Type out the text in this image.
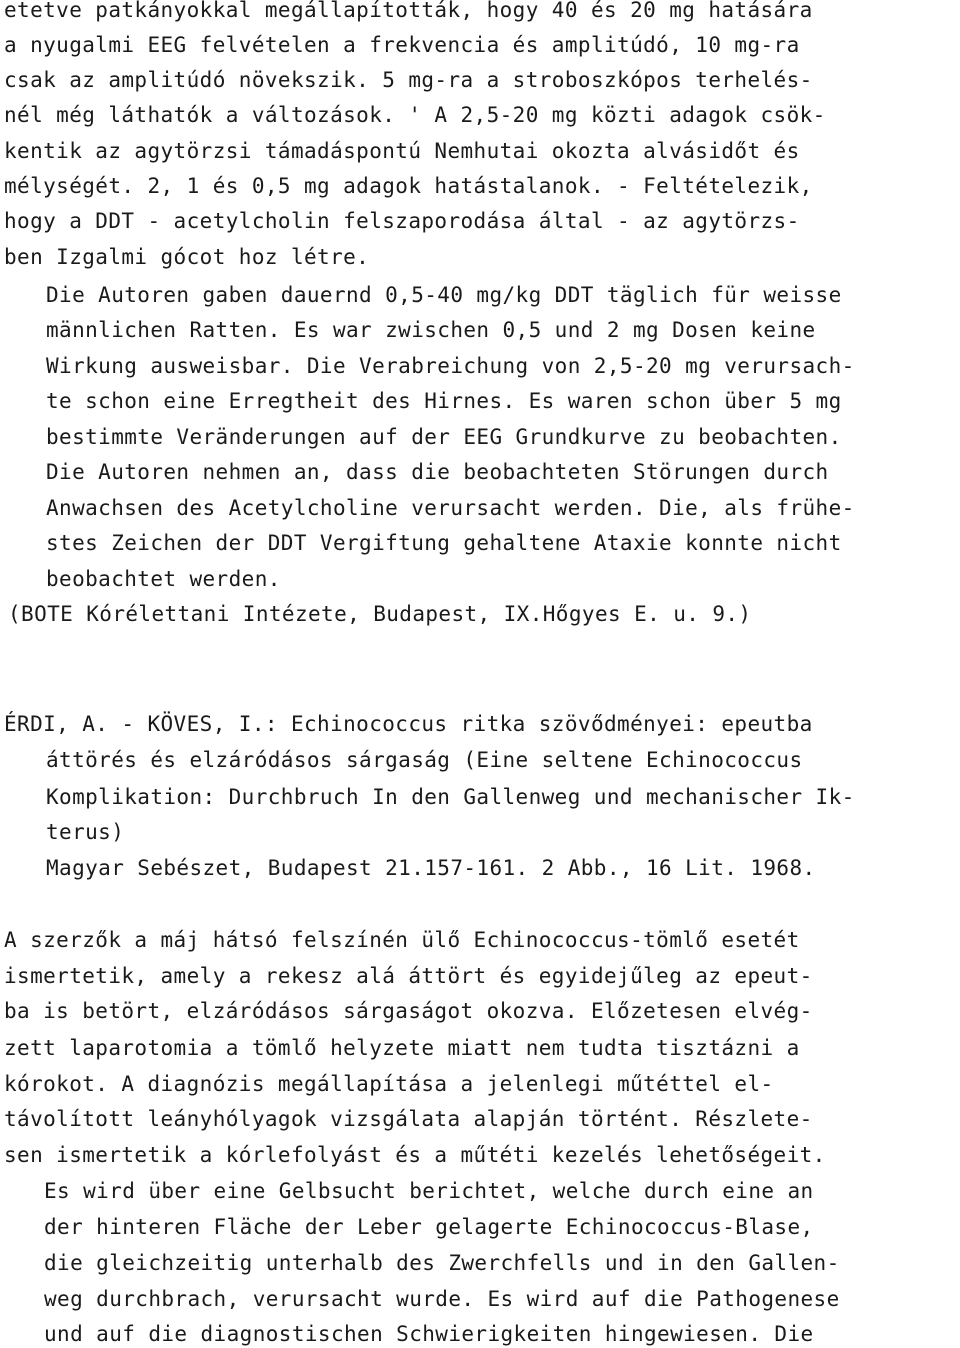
etetve patkányokkal megállapították, hogy 40 és 20 mg hatására
a nyugalmi EEG felvételen a frekvencia és amplitúdó, 10 mg-ra
csak az amplitúdó növekszik. 5 mg-ra a stroboszkópos terhelés-
nél még láthatók a változások. ' A 2,5-20 mg közti adagok csök-
kentik az agytörzsi támadáspontú Nemhutai okozta alvásidőt és
mélységét. 2, 1 és 0,5 mg adagok hatástalanok. - Feltételezik,
hogy a DDT - acetylcholin felszaporodása által - az agytörzs-
ben Izgalmi gócot hoz létre.
Die Autoren gaben dauernd 0,5-40 mg/kg DDT täglich für weisse
männlichen Ratten. Es war zwischen 0,5 und 2 mg Dosen keine
Wirkung ausweisbar. Die Verabreichung von 2,5-20 mg verursach-
te schon eine Erregtheit des Hirnes. Es waren schon über 5 mg
bestimmte Veränderungen auf der EEG Grundkurve zu beobachten.
Die Autoren nehmen an, dass die beobachteten Störungen durch
Anwachsen des Acetylcholine verursacht werden. Die, als frühe-
stes Zeichen der DDT Vergiftung gehaltene Ataxie konnte nicht
beobachtet werden.
(BOTE Kórélettani Intézete, Budapest, IX.Hőgyes E. u. 9.)
ÉRDI, A. - KÖVES, I.: Echinococcus ritka szövődményei: epeutba
áttörés és elzáródásos sárgaság (Eine seltene Echinococcus
Komplikation: Durchbruch In den Gallenweg und mechanischer Ik-
terus)
Magyar Sebészet, Budapest 21.157-161. 2 Abb., 16 Lit. 1968.
A szerzők a máj hátsó felszínén ülő Echinococcus-tömlő esetét
ismertetik, amely a rekesz alá áttört és egyidejűleg az epeut-
ba is betört, elzáródásos sárgaságot okozva. Előzetesen elvég-
zett laparotomia a tömlő helyzete miatt nem tudta tisztázni a
kórokot. A diagnózis megállapítása a jelenlegi műtéttel el-
távolított leányhólyagok vizsgálata alapján történt. Részlete-
sen ismertetik a kórlefolyást és a műtéti kezelés lehetőségeit.
Es wird über eine Gelbsucht berichtet, welche durch eine an
der hinteren Fläche der Leber gelagerte Echinococcus-Blase,
die gleichzeitig unterhalb des Zwerchfells und in den Gallen-
weg durchbrach, verursacht wurde. Es wird auf die Pathogenese
und auf die diagnostischen Schwierigkeiten hingewiesen. Die
